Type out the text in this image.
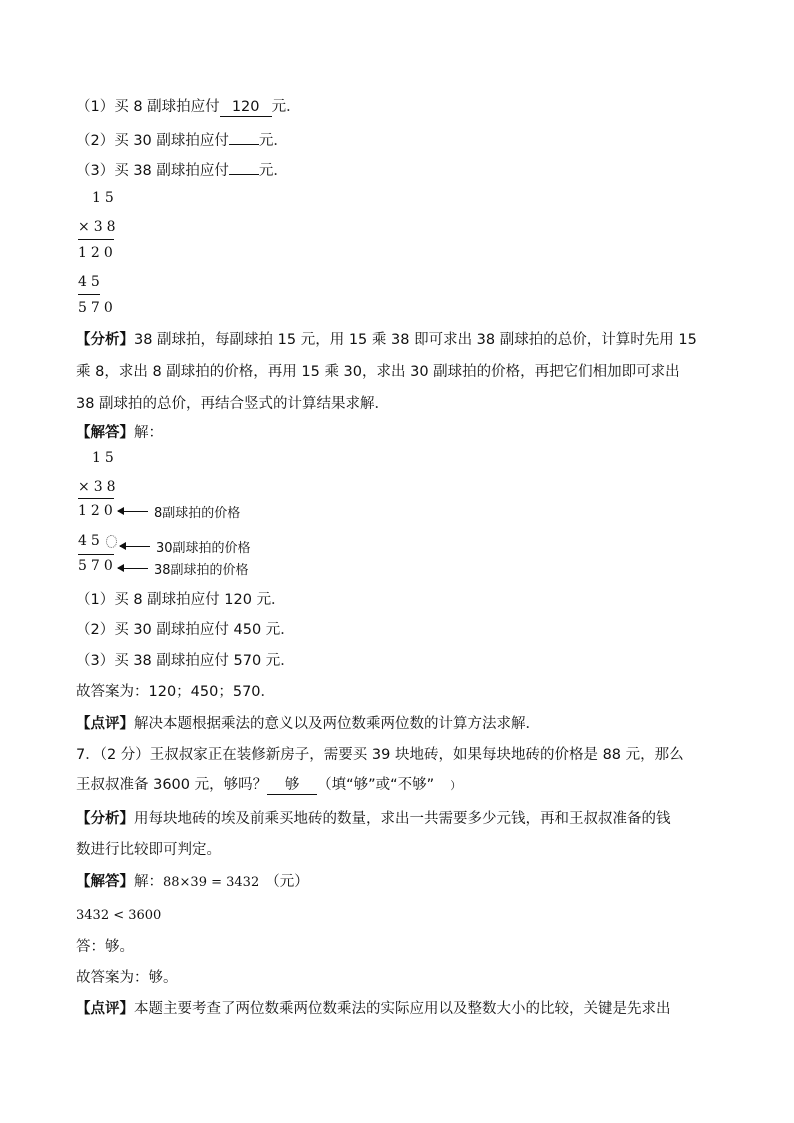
（1）买 8 副球拍应付 120 元．
（2）买 30 副球拍应付 元．
（3）买 38 副球拍应付 元．
15
×38
120
45
570
【分析】38 副球拍，每副球拍 15 元，用 15 乘 38 即可求出 38 副球拍的总价，计算时先用 15
乘 8，求出 8 副球拍的价格，再用 15 乘 30，求出 30 副球拍的价格，再把它们相加即可求出
38 副球拍的总价，再结合竖式的计算结果求解．
【解答】解：
15
×38
120	8副球拍的价格
45	30副球拍的价格
570	38副球拍的价格
（1）买 8 副球拍应付 120 元．
（2）买 30 副球拍应付 450 元．
（3）买 38 副球拍应付 570 元．
故答案为：120；450；570．
【点评】解决本题根据乘法的意义以及两位数乘两位数的计算方法求解．
7．（2 分）王叔叔家正在装修新房子，需要买 39 块地砖，如果每块地砖的价格是 88 元，那么
王叔叔准备 3600 元，够吗？ 够 （填“够”或“不够” ）
【分析】用每块地砖的埃及前乘买地砖的数量，求出一共需要多少元钱，再和王叔叔准备的钱
数进行比较即可判定。
【解答】解：88×39 = 3432 （元）
3432 < 3600
答：够。
故答案为：够。
【点评】本题主要考查了两位数乘两位数乘法的实际应用以及整数大小的比较，关键是先求出
